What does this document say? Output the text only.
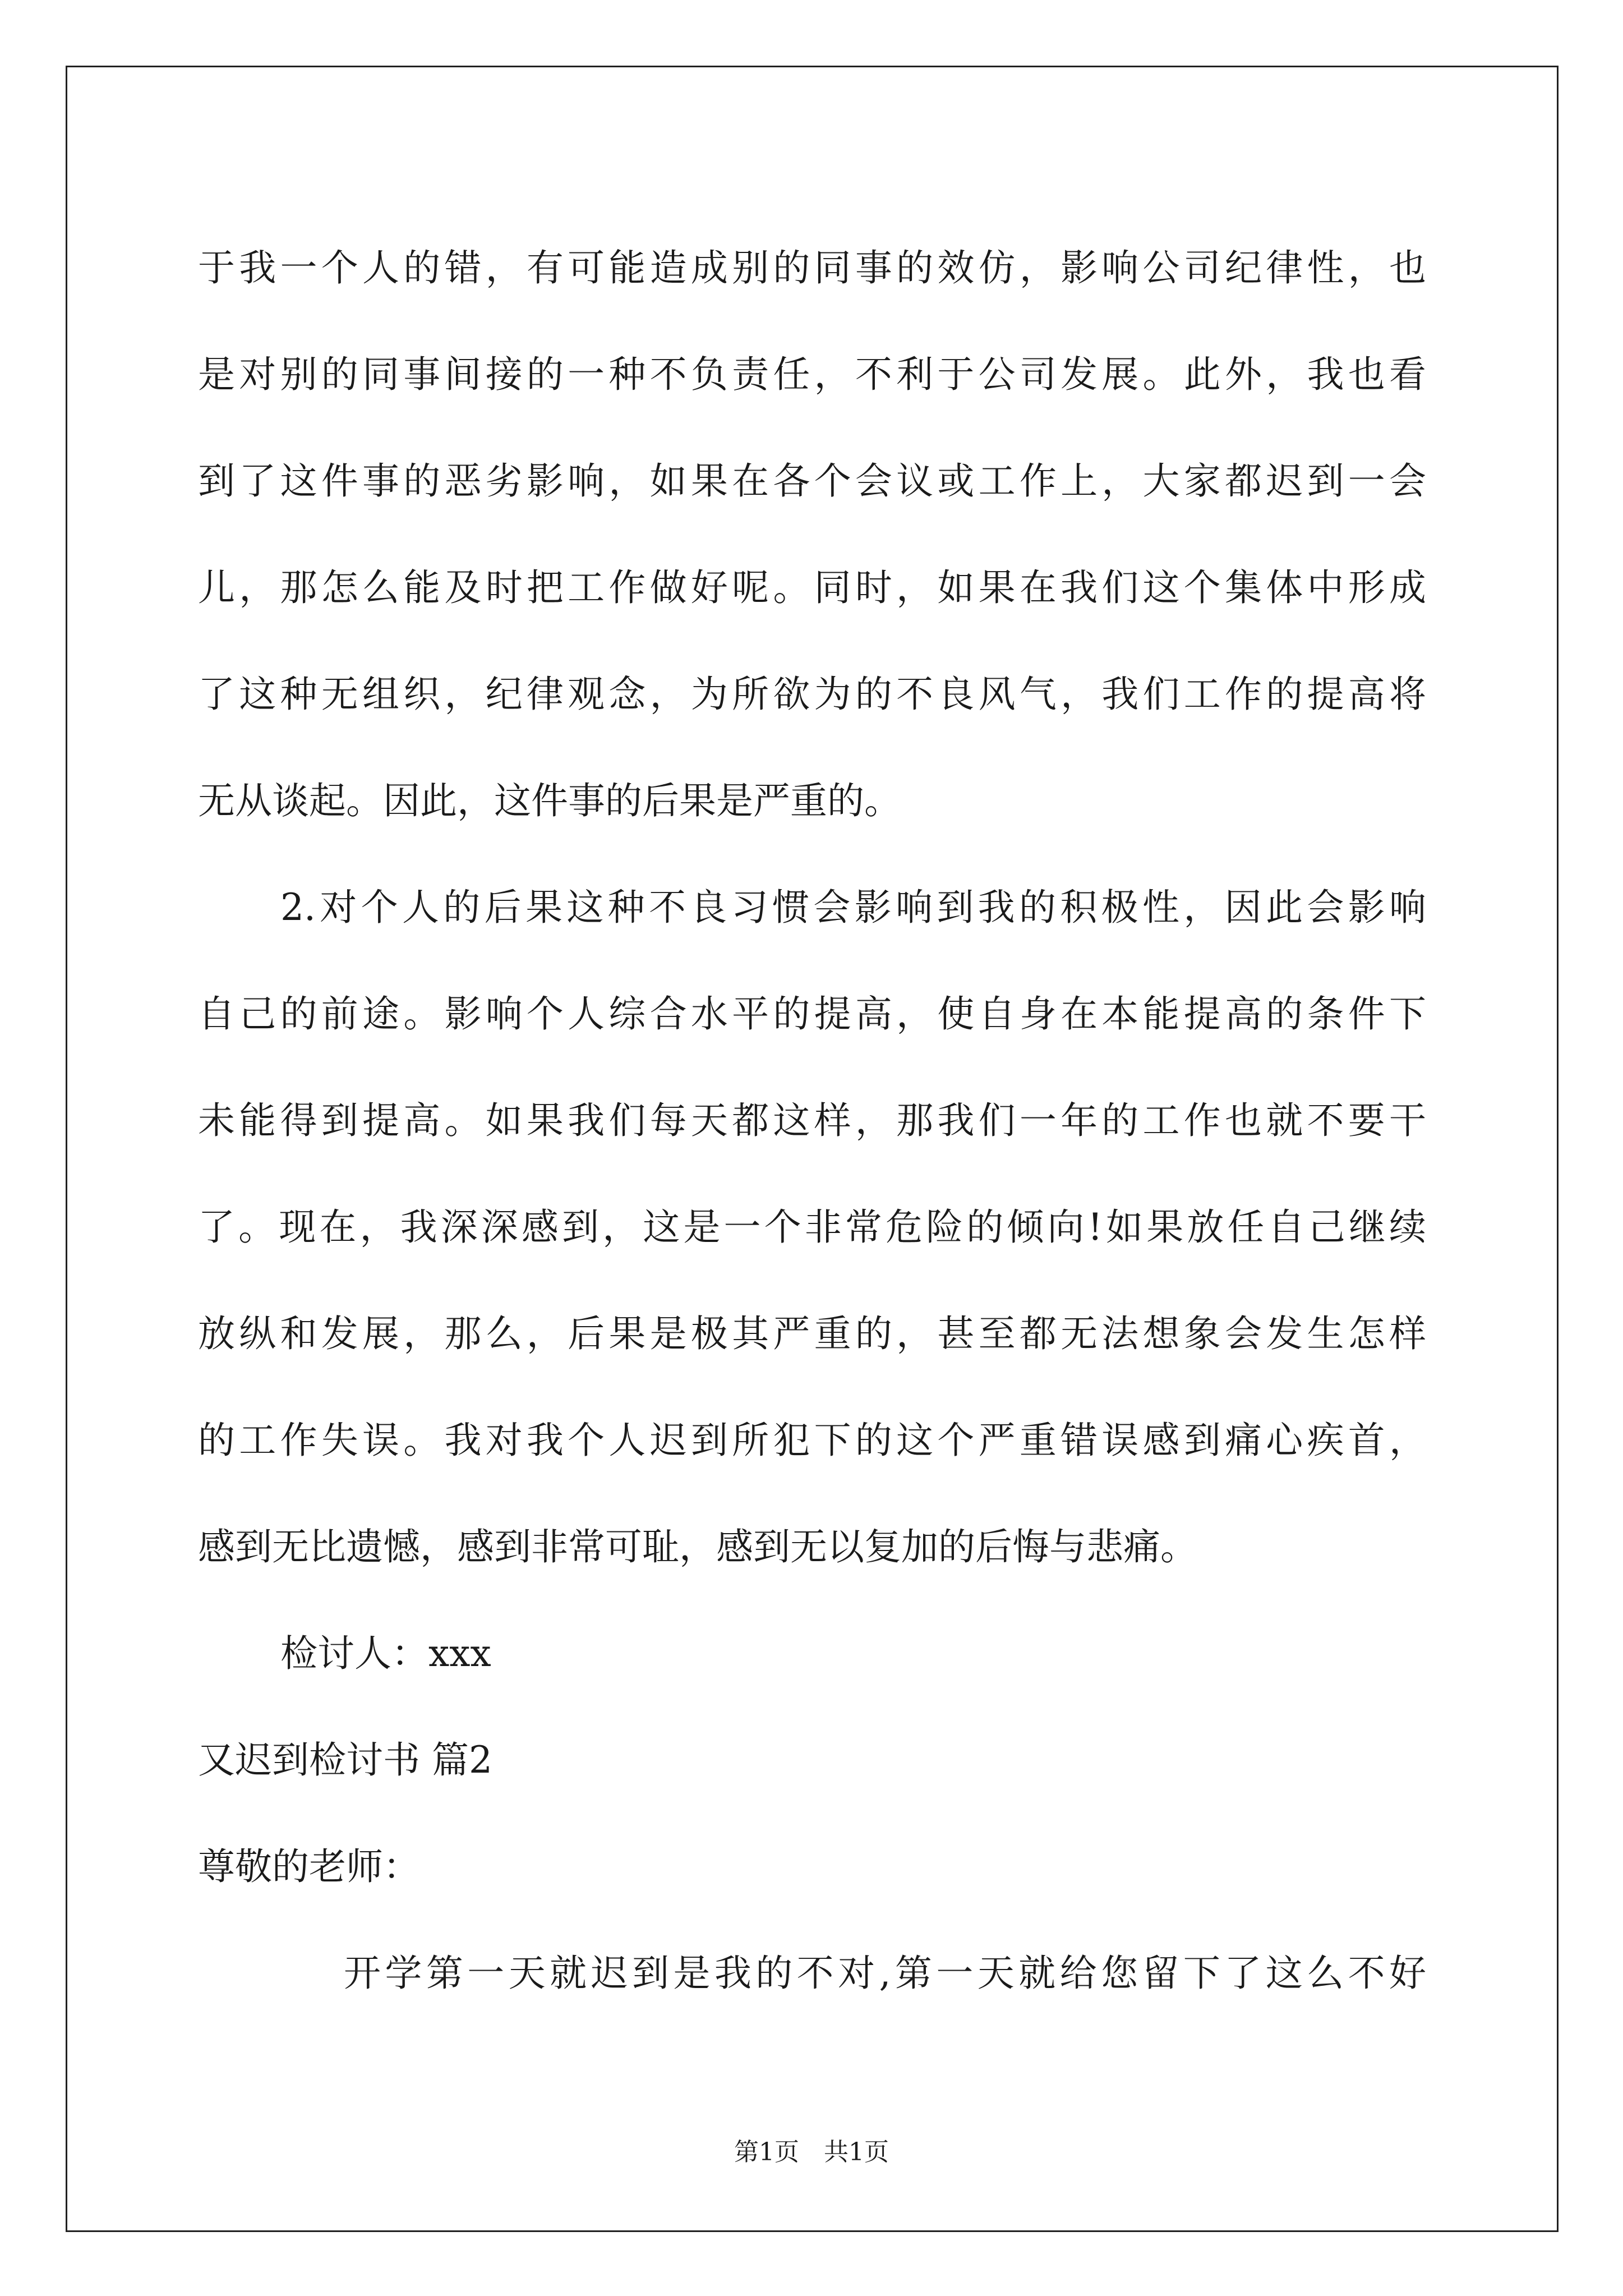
于我一个人的错，有可能造成别的同事的效仿，影响公司纪律性，也
是对别的同事间接的一种不负责任，不利于公司发展。此外，我也看
到了这件事的恶劣影响，如果在各个会议或工作上，大家都迟到一会
儿，那怎么能及时把工作做好呢。同时，如果在我们这个集体中形成
了这种无组织，纪律观念，为所欲为的不良风气，我们工作的提高将
无从谈起。因此，这件事的后果是严重的。
2.对个人的后果这种不良习惯会影响到我的积极性，因此会影响
自己的前途。影响个人综合水平的提高，使自身在本能提高的条件下
未能得到提高。如果我们每天都这样，那我们一年的工作也就不要干
了。现在，我深深感到，这是一个非常危险的倾向!如果放任自己继续
放纵和发展，那么，后果是极其严重的，甚至都无法想象会发生怎样
的工作失误。我对我个人迟到所犯下的这个严重错误感到痛心疾首，
感到无比遗憾，感到非常可耻，感到无以复加的后悔与悲痛。
检讨人：xxx
又迟到检讨书 篇2
尊敬的老师：
开学第一天就迟到是我的不对,第一天就给您留下了这么不好
第1页　共1页
